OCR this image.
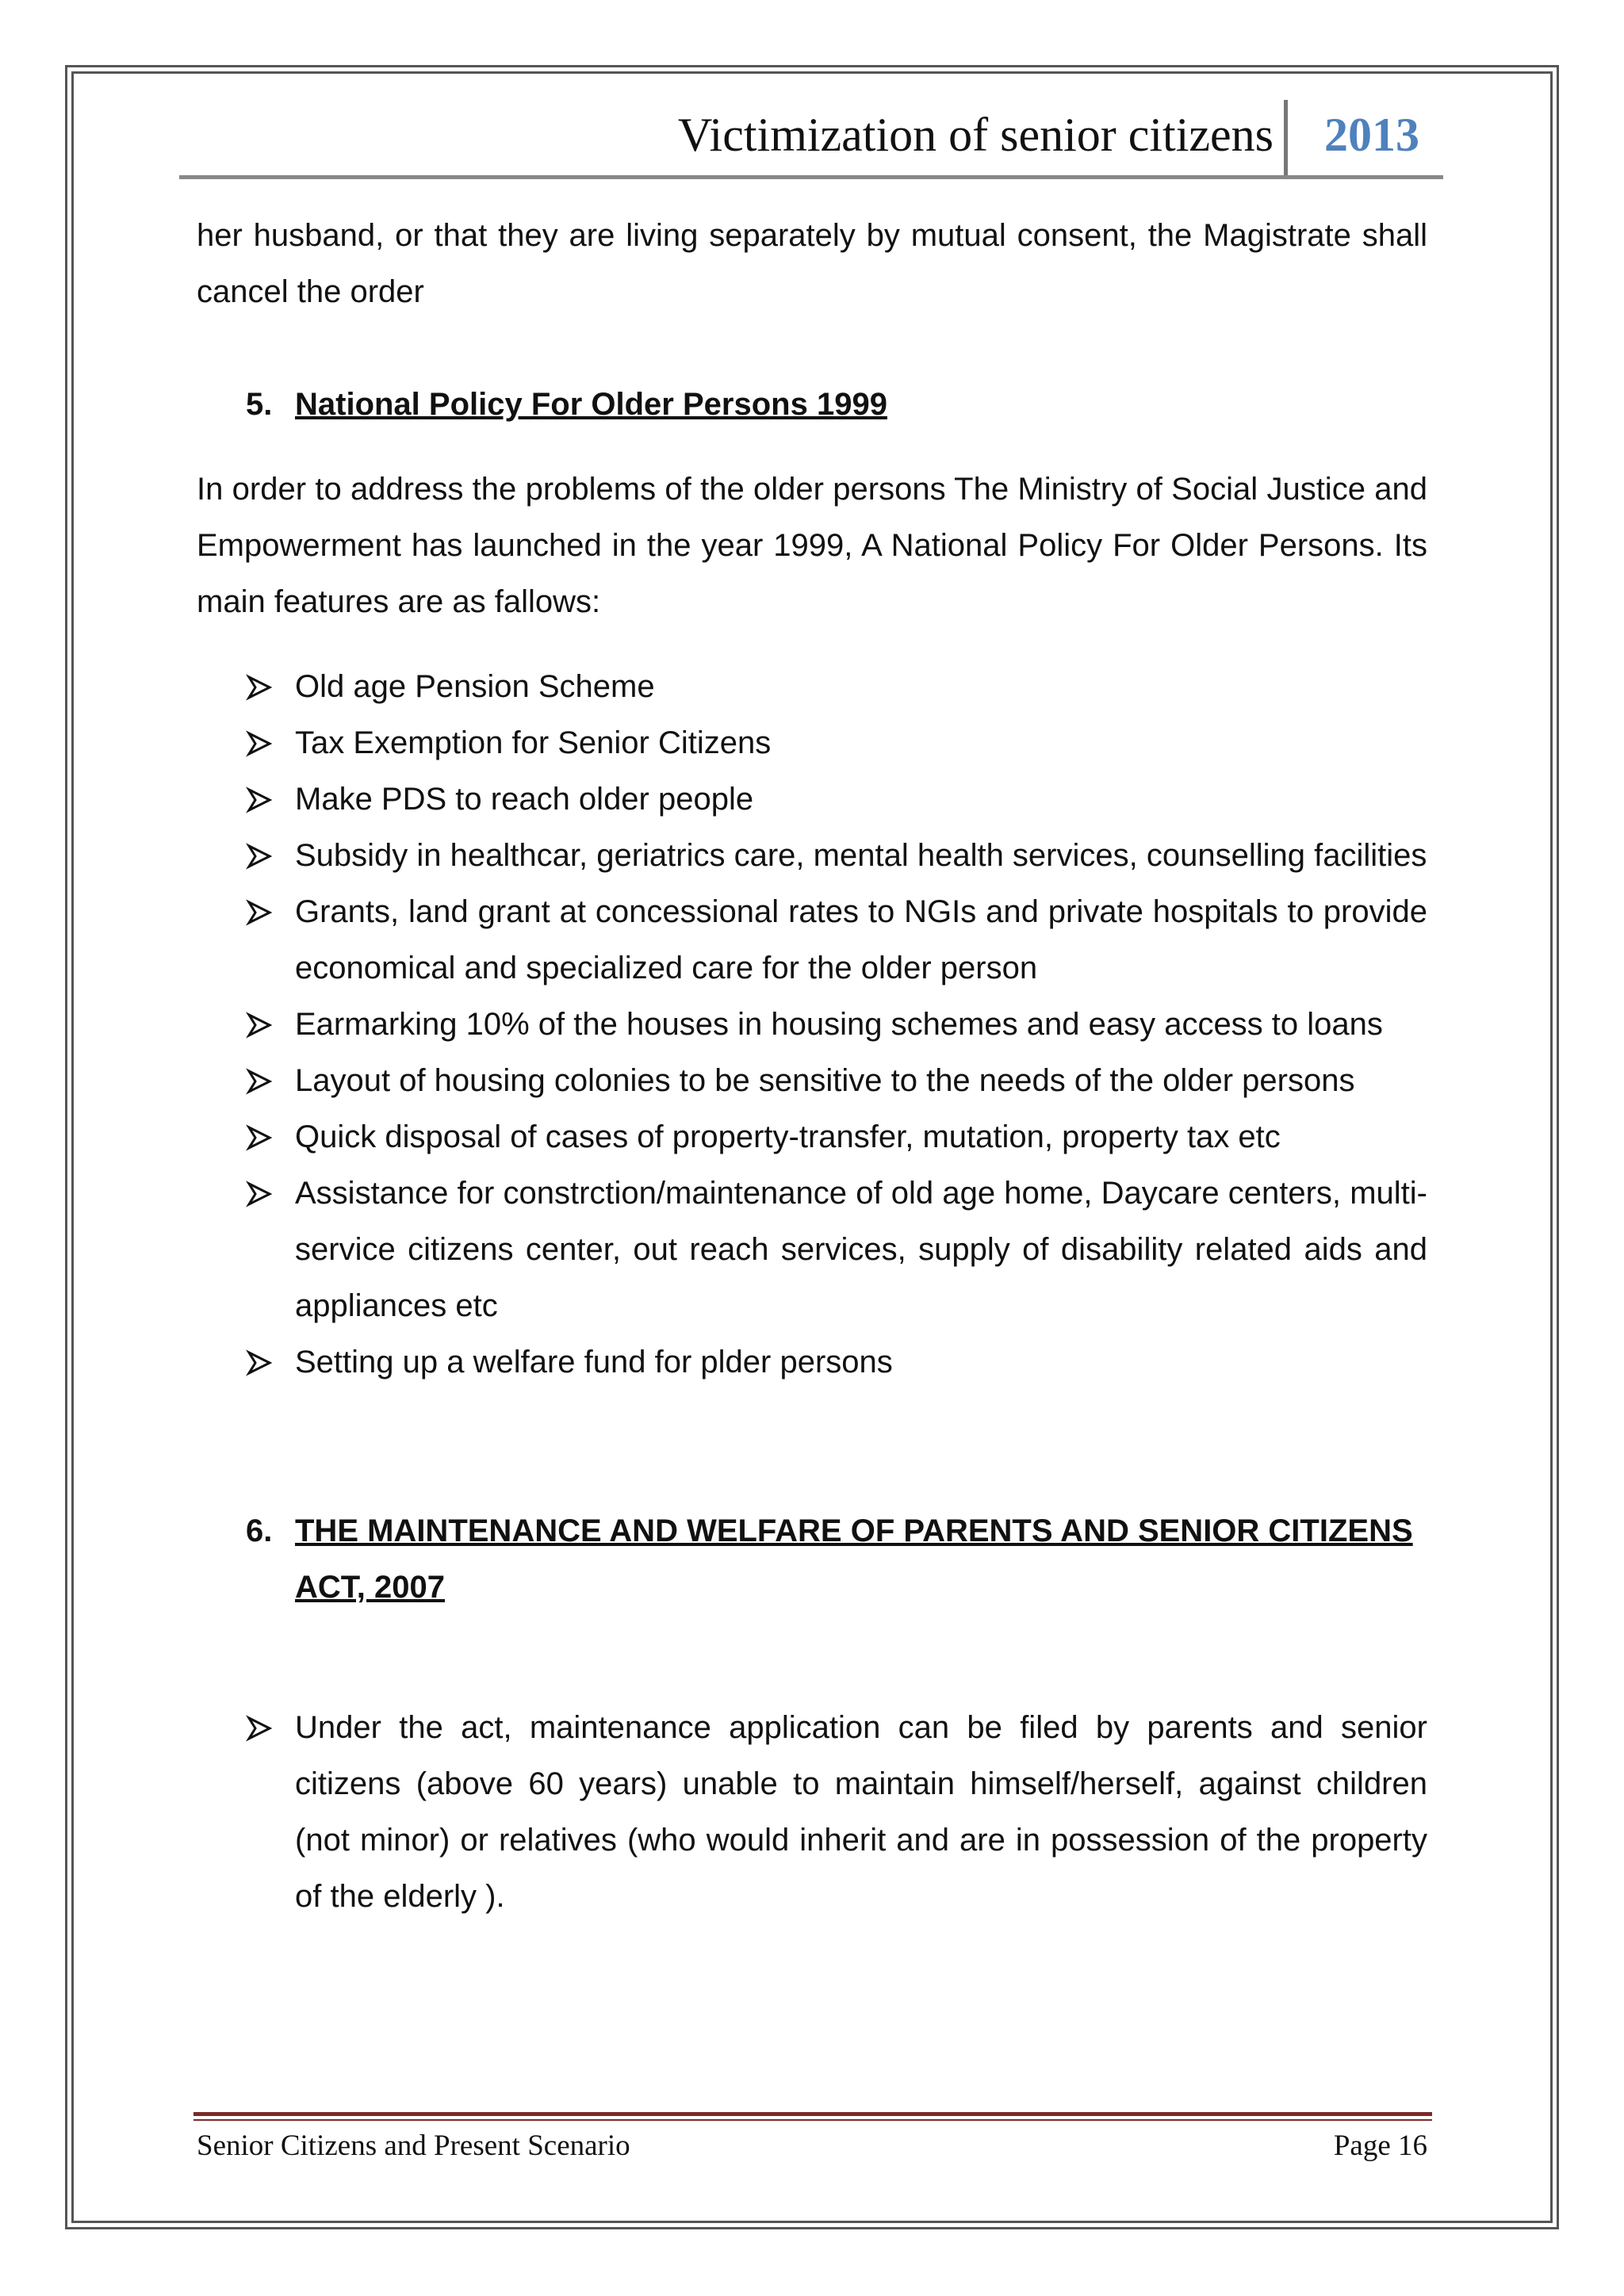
Victimization of senior citizens 2013

her husband, or that they are living separately by mutual consent, the Magistrate shall cancel the order

5. National Policy For Older Persons 1999

In order to address the problems of the older persons The Ministry of Social Justice and Empowerment has launched in the year 1999, A National Policy For Older Persons. Its main features are as fallows:

Old age Pension Scheme
Tax Exemption for Senior Citizens
Make PDS to reach older people
Subsidy in healthcar, geriatrics care, mental health services, counselling facilities
Grants, land grant at concessional rates to NGIs and private hospitals to provide economical and specialized care for the older person
Earmarking 10% of the houses in housing schemes and easy access to loans
Layout of housing colonies to be sensitive to the needs of the older persons
Quick disposal of cases of property-transfer, mutation, property tax etc
Assistance for constrction/maintenance of old age home, Daycare centers, multi-service citizens center, out reach services, supply of disability related aids and appliances etc
Setting up a welfare fund for plder persons
6. THE MAINTENANCE AND WELFARE OF PARENTS AND SENIOR CITIZENS ACT, 2007
Under the act, maintenance application can be filed by parents and senior citizens (above 60 years) unable to maintain himself/herself, against children (not minor) or relatives (who would inherit and are in possession of the property of the elderly ).
Senior Citizens and Present Scenario	Page 16
